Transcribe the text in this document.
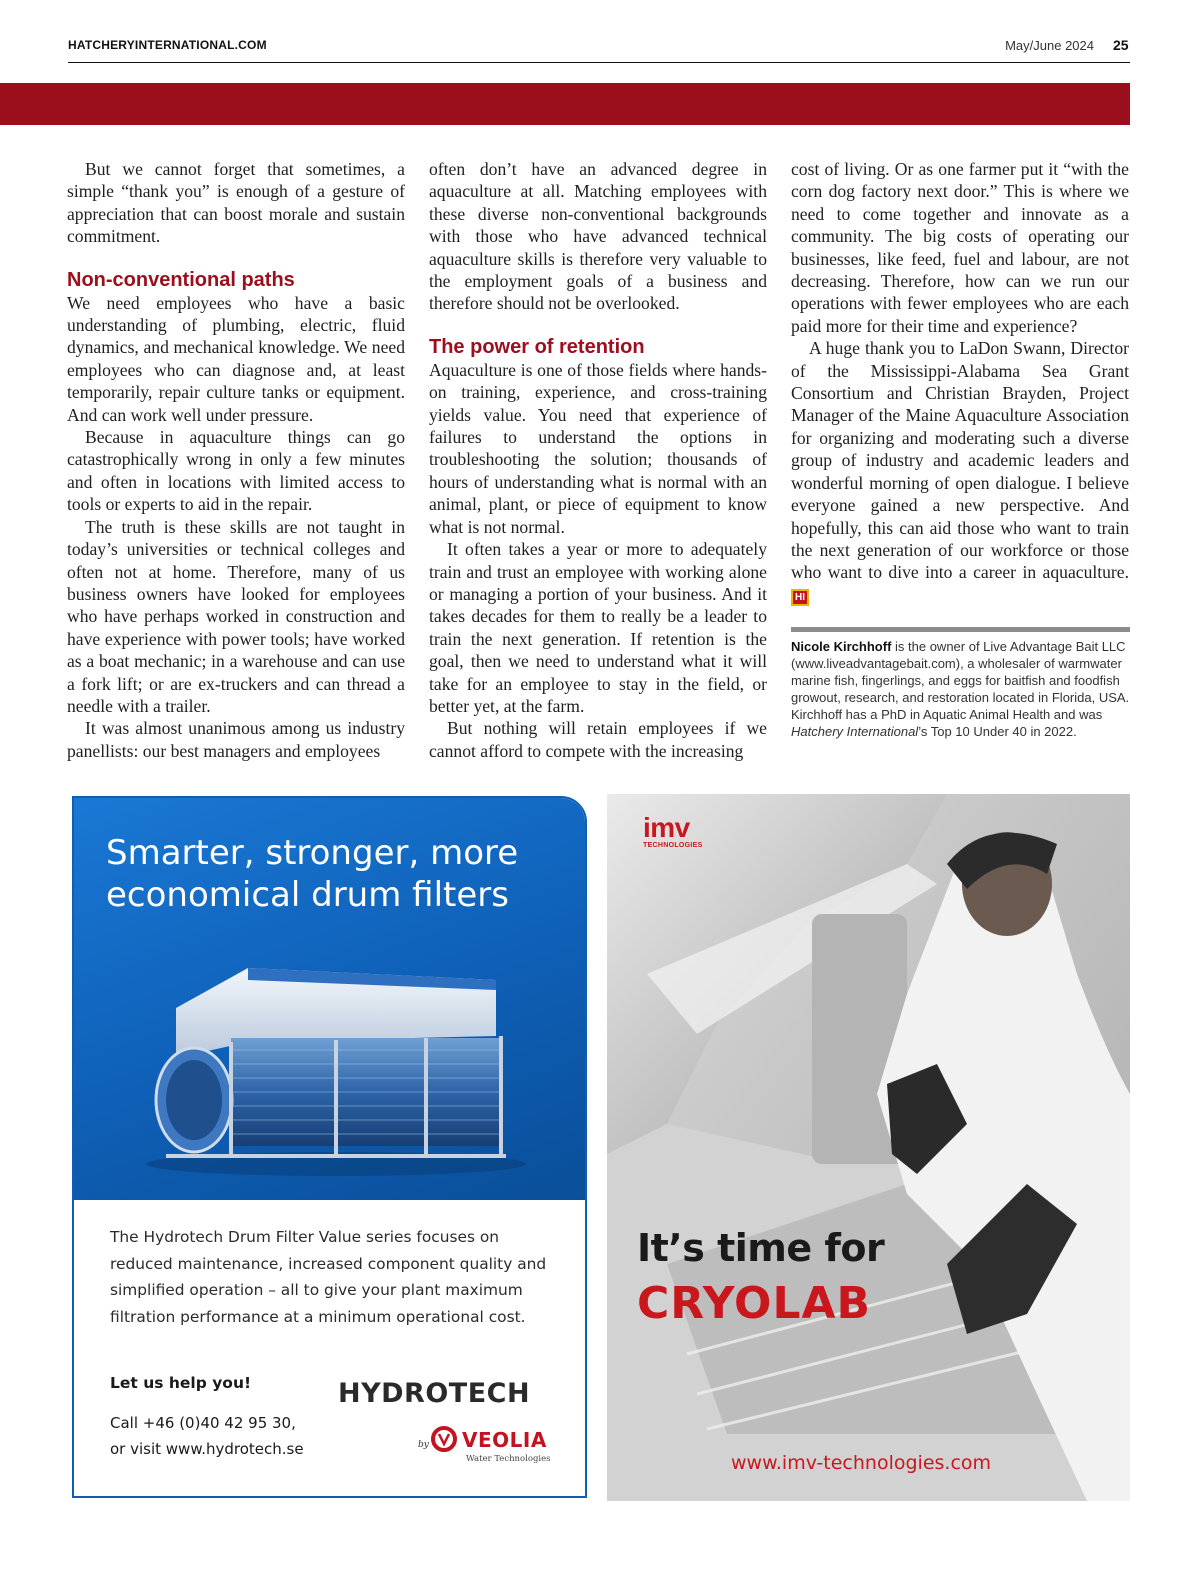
HATCHERYINTERNATIONAL.COM	May/June 2024 25

But we cannot forget that sometimes, a simple “thank you” is enough of a gesture of appreciation that can boost morale and sustain commitment.

Non-conventional paths

We need employees who have a basic understanding of plumbing, electric, fluid dynamics, and mechanical knowledge. We need employees who can diagnose and, at least temporarily, repair culture tanks or equipment. And can work well under pressure.

Because in aquaculture things can go catastrophically wrong in only a few minutes and often in locations with limited access to tools or experts to aid in the repair.

The truth is these skills are not taught in today’s universities or technical colleges and often not at home. Therefore, many of us business owners have looked for employees who have perhaps worked in construction and have experience with power tools; have worked as a boat mechanic; in a warehouse and can use a fork lift; or are ex-truckers and can thread a needle with a trailer.

It was almost unanimous among us industry panellists: our best managers and employees

often don’t have an advanced degree in aquaculture at all. Matching employees with these diverse non-conventional backgrounds with those who have advanced technical aquaculture skills is therefore very valuable to the employment goals of a business and therefore should not be overlooked.

The power of retention

Aquaculture is one of those fields where hands-on training, experience, and cross-training yields value. You need that experience of failures to understand the options in troubleshooting the solution; thousands of hours of understanding what is normal with an animal, plant, or piece of equipment to know what is not normal.

It often takes a year or more to adequately train and trust an employee with working alone or managing a portion of your business. And it takes decades for them to really be a leader to train the next generation. If retention is the goal, then we need to understand what it will take for an employee to stay in the field, or better yet, at the farm.

But nothing will retain employees if we cannot afford to compete with the increasing

cost of living. Or as one farmer put it “with the corn dog factory next door.” This is where we need to come together and innovate as a community. The big costs of operating our businesses, like feed, fuel and labour, are not decreasing. Therefore, how can we run our operations with fewer employees who are each paid more for their time and experience?

A huge thank you to LaDon Swann, Director of the Mississippi-Alabama Sea Grant Consortium and Christian Brayden, Project Manager of the Maine Aquaculture Association for organizing and moderating such a diverse group of industry and academic leaders and wonderful morning of open dialogue. I believe everyone gained a new perspective. And hopefully, this can aid those who want to train the next generation of our workforce or those who want to dive into a career in aquaculture. HI

Nicole Kirchhoff is the owner of Live Advantage Bait LLC (www.liveadvantagebait.com), a wholesaler of warmwater marine fish, fingerlings, and eggs for baitfish and foodfish growout, research, and restoration located in Florida, USA. Kirchhoff has a PhD in Aquatic Animal Health and was Hatchery International’s Top 10 Under 40 in 2022.
Smarter, stronger, more
economical drum filters
The Hydrotech Drum Filter Value series focuses on reduced maintenance, increased component quality and simplified operation – all to give your plant maximum filtration performance at a minimum operational cost.
Let us help you!
Call +46 (0)40 42 95 30,
or visit www.hydrotech.se
HYDROTECH
by VEOLIA
Water Technologies
imv
TECHNOLOGIES
It’s time for
CRYOLAB
www.imv-technologies.com
